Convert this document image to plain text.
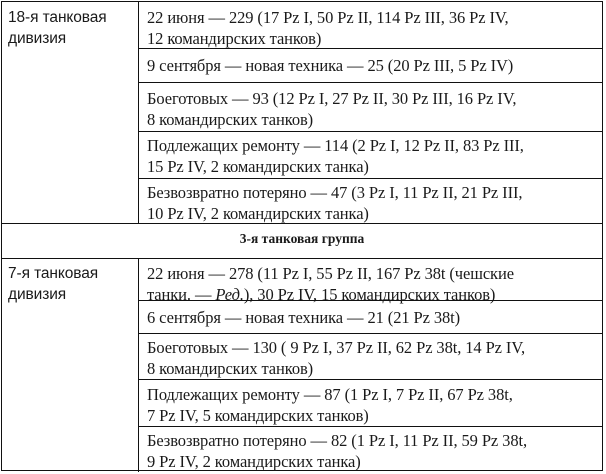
18-я танковая
дивизия
22 июня — 229 (17 Pz I, 50 Pz II, 114 Pz III, 36 Pz IV,
12 командирских танков)
9 сентября — новая техника — 25 (20 Pz III, 5 Pz IV)
Боеготовых — 93 (12 Pz I, 27 Pz II, 30 Pz III, 16 Pz IV,
8 командирских танков)
Подлежащих ремонту — 114 (2 Pz I, 12 Pz II, 83 Pz III,
15 Pz IV, 2 командирских танка)
Безвозвратно потеряно — 47 (3 Pz I, 11 Pz II, 21 Pz III,
10 Pz IV, 2 командирских танка)
3-я танковая группа
7-я танковая
дивизия
22 июня — 278 (11 Pz I, 55 Pz II, 167 Pz 38t (чешские
танки. — Ред.), 30 Pz IV, 15 командирских танков)
6 сентября — новая техника — 21 (21 Pz 38t)
Боеготовых — 130 ( 9 Pz I, 37 Pz II, 62 Pz 38t, 14 Pz IV,
8 командирских танков)
Подлежащих ремонту — 87 (1 Pz I, 7 Pz II, 67 Pz 38t,
7 Pz IV, 5 командирских танков)
Безвозвратно потеряно — 82 (1 Pz I, 11 Pz II, 59 Pz 38t,
9 Pz IV, 2 командирских танка)
